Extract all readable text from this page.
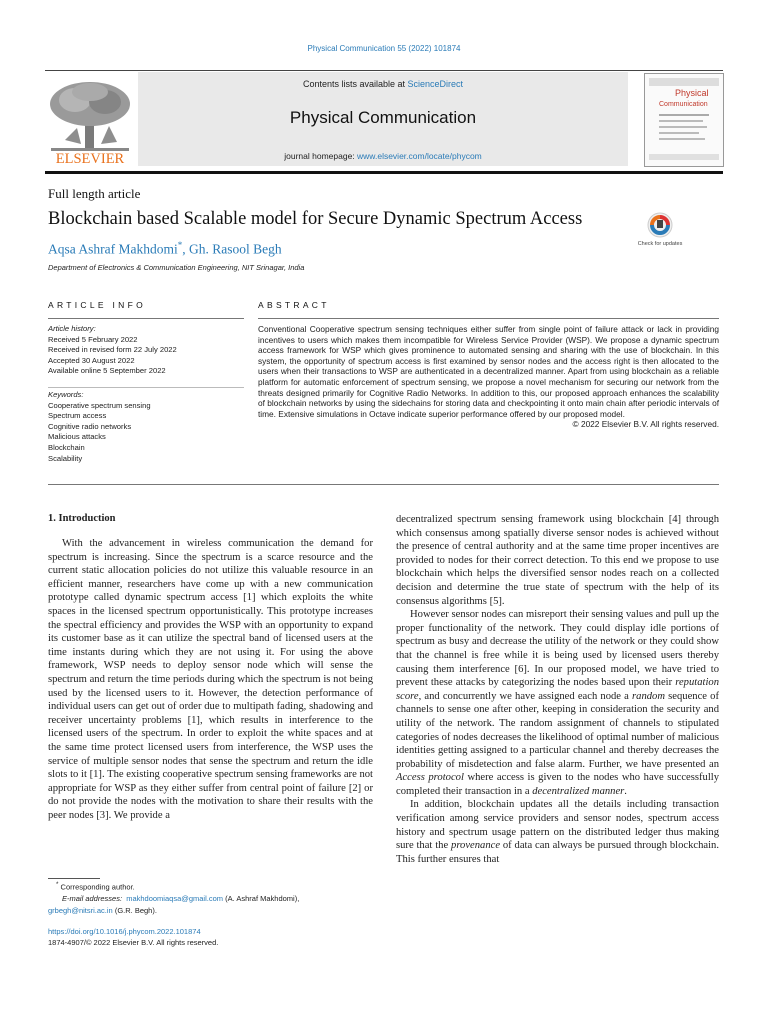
Physical Communication 55 (2022) 101874
ELSEVIER
Contents lists available at ScienceDirect
Physical Communication
journal homepage: www.elsevier.com/locate/phycom
Physical
Communication
Full length article
Blockchain based Scalable model for Secure Dynamic Spectrum Access
Aqsa Ashraf Makhdomi*, Gh. Rasool Begh
Department of Electronics & Communication Engineering, NIT Srinagar, India
Check for updates
ARTICLE INFO
Article history:
Received 5 February 2022
Received in revised form 22 July 2022
Accepted 30 August 2022
Available online 5 September 2022
Keywords:
Cooperative spectrum sensing
Spectrum access
Cognitive radio networks
Malicious attacks
Blockchain
Scalability
ABSTRACT
Conventional Cooperative spectrum sensing techniques either suffer from single point of failure attack or lack in providing incentives to users which makes them incompatible for Wireless Service Provider (WSP). We propose a dynamic spectrum access framework for WSP which gives prominence to automated sensing and sharing with the use of blockchain. In this system, the opportunity of spectrum access is first examined by sensor nodes and the access right is then allocated to the users when their transactions to WSP are authenticated in a decentralized manner. Apart from using blockchain as a reliable platform for automatic enforcement of spectrum sensing, we propose a novel mechanism for securing our network from the threats designed primarily for Cognitive Radio Networks. In addition to this, our proposed approach enhances the scalability of blockchain networks by using the sidechains for storing data and checkpointing it onto main chain after periodic intervals of time. Extensive simulations in Octave indicate superior performance offered by our proposed model.
© 2022 Elsevier B.V. All rights reserved.
1. Introduction

With the advancement in wireless communication the demand for spectrum is increasing. Since the spectrum is a scarce resource and the current static allocation policies do not utilize this valuable resource in an efficient manner, researchers have come up with a new communication prototype called dynamic spectrum access [1] which exploits the white spaces in the licensed spectrum opportunistically. This prototype increases the spectral efficiency and provides the WSP with an opportunity to expand its customer base as it can utilize the spectral band of licensed users at the time instants during which they are not using it. For using the above framework, WSP needs to deploy sensor node which will sense the spectrum and return the time periods during which the spectrum is not being used by the licensed users to it. However, the detection performance of individual users can get out of order due to multipath fading, shadowing and receiver uncertainty problems [1], which results in interference to the licensed users of the spectrum. In order to exploit the white spaces and at the same time protect licensed users from interference, the WSP uses the service of multiple sensor nodes that sense the spectrum and return the idle slots to it [1]. The existing cooperative spectrum sensing frameworks are not appropriate for WSP as they either suffer from central point of failure [2] or do not provide the nodes with the motivation to share their results with the peer nodes [3]. We provide a

decentralized spectrum sensing framework using blockchain [4] through which consensus among spatially diverse sensor nodes is achieved without the presence of central authority and at the same time proper incentives are provided to nodes for their correct detection. To this end we propose to use blockchain which helps the diversified sensor nodes reach on a collected decision and determine the true state of spectrum with the help of its consensus algorithms [5].

However sensor nodes can misreport their sensing values and pull up the proper functionality of the network. They could display idle portions of spectrum as busy and decrease the utility of the network or they could show that the channel is free while it is being used by licensed users thereby causing them interference [6]. In our proposed model, we have tried to prevent these attacks by categorizing the nodes based upon their reputation score, and concurrently we have assigned each node a random sequence of channels to sense one after other, keeping in consideration the security and utility of the network. The random assignment of channels to stipulated categories of nodes decreases the likelihood of optimal number of malicious identities getting assigned to a particular channel and thereby decreases the probability of misdetection and false alarm. Further, we have presented an Access protocol where access is given to the nodes who have successfully completed their transaction in a decentralized manner.

In addition, blockchain updates all the details including transaction verification among service providers and sensor nodes, spectrum access history and spectrum usage pattern on the distributed ledger thus making sure that the provenance of data can always be pursued through blockchain. This further ensures that

* Corresponding author.
E-mail addresses: makhdoomiaqsa@gmail.com (A. Ashraf Makhdomi),
grbegh@nitsri.ac.in (G.R. Begh).
https://doi.org/10.1016/j.phycom.2022.101874
1874-4907/© 2022 Elsevier B.V. All rights reserved.
